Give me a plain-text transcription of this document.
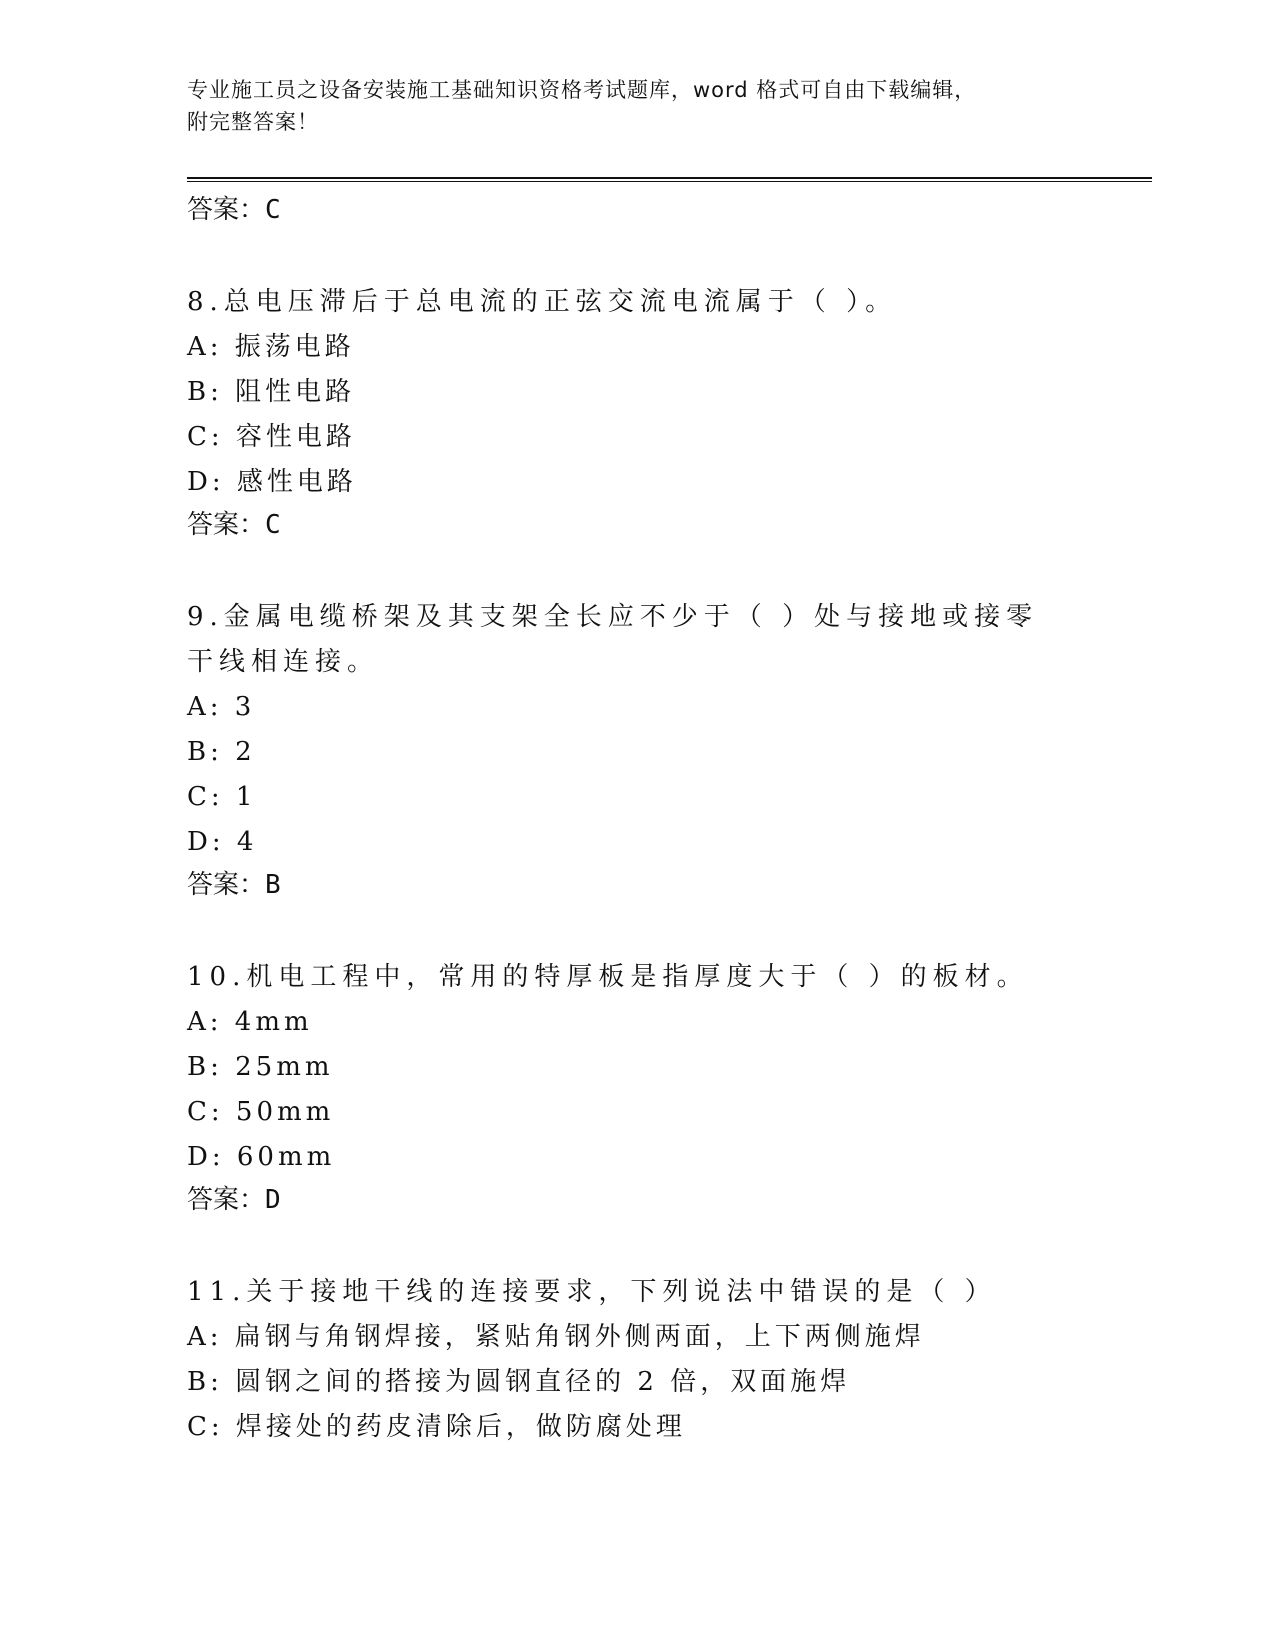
专业施工员之设备安装施工基础知识资格考试题库，word 格式可自由下载编辑，
附完整答案！

答案：C

8.总电压滞后于总电流的正弦交流电流属于（ ）。

A: 振荡电路

B: 阻性电路

C: 容性电路

D: 感性电路

答案：C

9.金属电缆桥架及其支架全长应不少于（ ）处与接地或接零干线相连接。

A: 3

B: 2

C: 1

D: 4

答案：B

10.机电工程中，常用的特厚板是指厚度大于（ ）的板材。

A: 4mm

B: 25mm

C: 50mm

D: 60mm

答案：D

11.关于接地干线的连接要求，下列说法中错误的是（ ）

A: 扁钢与角钢焊接，紧贴角钢外侧两面，上下两侧施焊

B: 圆钢之间的搭接为圆钢直径的 2 倍，双面施焊

C: 焊接处的药皮清除后，做防腐处理
